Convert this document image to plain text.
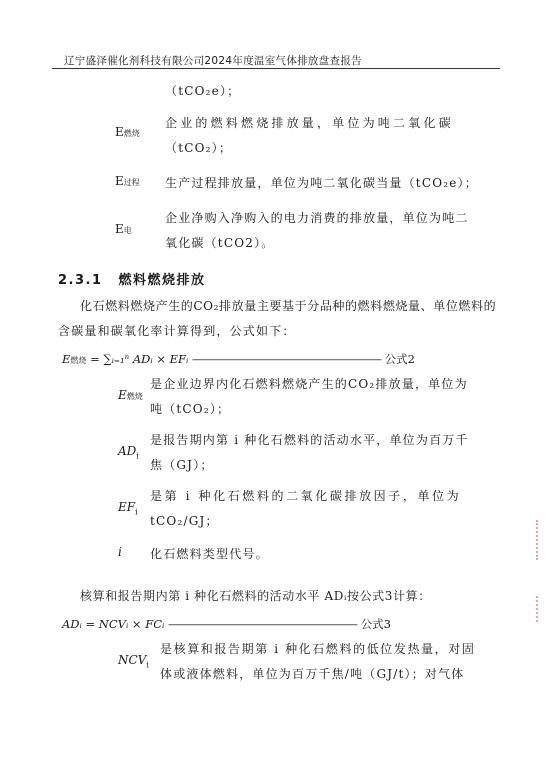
辽宁盛泽催化剂科技有限公司2024年度温室气体排放盘查报告
（tCO₂e）；
E燃烧
企业的燃料燃烧排放量，单位为吨二氧化碳
（tCO₂）；
E过程 生产过程排放量，单位为吨二氧化碳当量（tCO₂e）；
E电
企业净购入净购入的电力消费的排放量，单位为吨二
氧化碳（tCO2）。
2.3.1 燃料燃烧排放
化石燃料燃烧产生的CO₂排放量主要基于分品种的燃料燃烧量、单位燃料的
含碳量和碳氧化率计算得到，公式如下：
E燃烧 = ∑ᵢ₌₁ⁿ ADᵢ × EFᵢ —————————————————— 公式2
E燃烧
是企业边界内化石燃料燃烧产生的CO₂排放量，单位为
吨（tCO₂）；
$AD_i$
是报告期内第 i 种化石燃料的活动水平，单位为百万千
焦（GJ）；
$EF_i$
是第 i 种化石燃料的二氧化碳排放因子，单位为
tCO₂/GJ；
i 化石燃料类型代号。
核算和报告期内第 i 种化石燃料的活动水平 ADᵢ按公式3计算：
ADᵢ = NCVᵢ × FCᵢ —————————————————— 公式3
$NCV_i$
是核算和报告期第 i 种化石燃料的低位发热量，对固
体或液体燃料，单位为百万千焦/吨（GJ/t）；对气体
